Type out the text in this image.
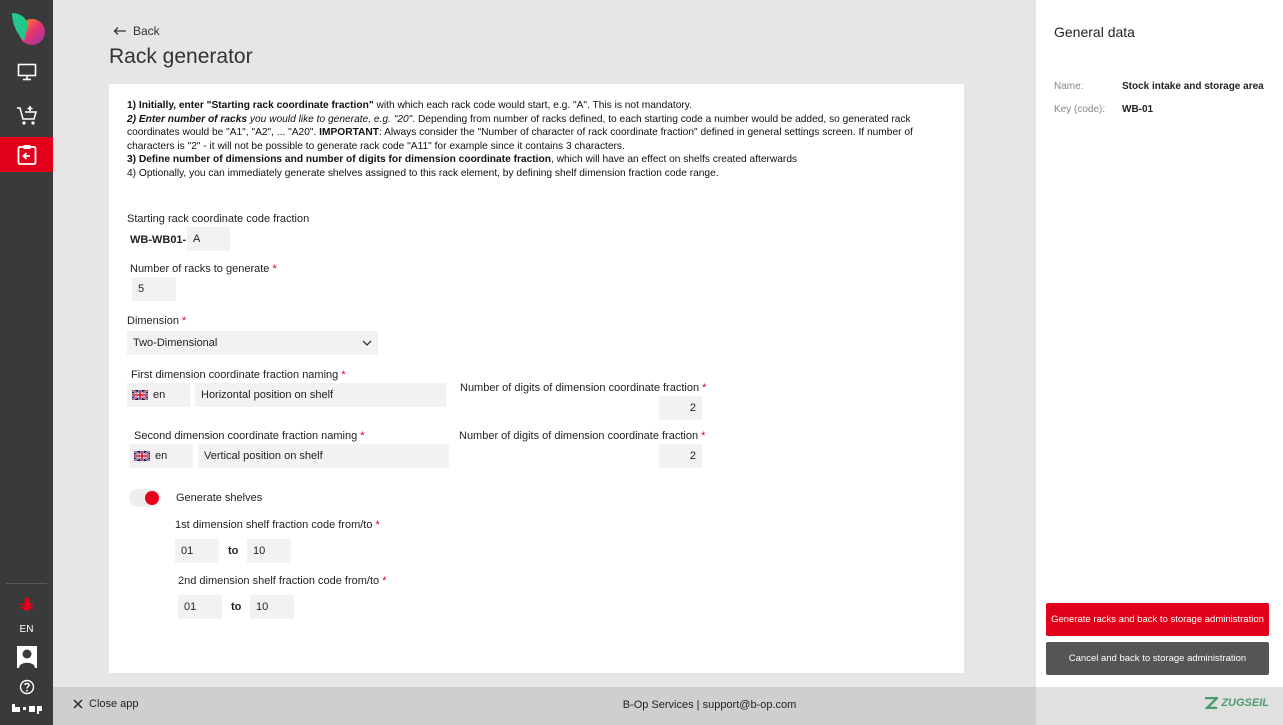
EN
Back
Rack generator
1) Initially, enter "Starting rack coordinate fraction" with which each rack code would start, e.g. "A". This is not mandatory.
2) Enter number of racks you would like to generate, e.g. "20". Depending from number of racks defined, to each starting code a number would be added, so generated rack coordinates would be "A1", "A2", ... "A20". IMPORTANT: Always consider the "Number of character of rack coordinate fraction" defined in general settings screen. If number of characters is "2" - it will not be possible to generate rack code "A11" for example since it contains 3 characters.
3) Define number of dimensions and number of digits for dimension coordinate fraction, which will have an effect on shelfs created afterwards
4) Optionally, you can immediately generate shelves assigned to this rack element, by defining shelf dimension fraction code range.
Starting rack coordinate code fraction
WB-WB01- A
Number of racks to generate *
5
Dimension *
Two-Dimensional
First dimension coordinate fraction naming *
en	Horizontal position on shelf
Number of digits of dimension coordinate fraction *
2
Second dimension coordinate fraction naming *
en	Vertical position on shelf
Number of digits of dimension coordinate fraction *
2
Generate shelves
1st dimension shelf fraction code from/to *
01	to	10
2nd dimension shelf fraction code from/to *
01	to	10
General data
Name:	Stock intake and storage area
Key (code): WB-01
Generate racks and back to storage administration
Cancel and back to storage administration
Close app	B-Op Services | support@b-op.com	ZUGSEIL
